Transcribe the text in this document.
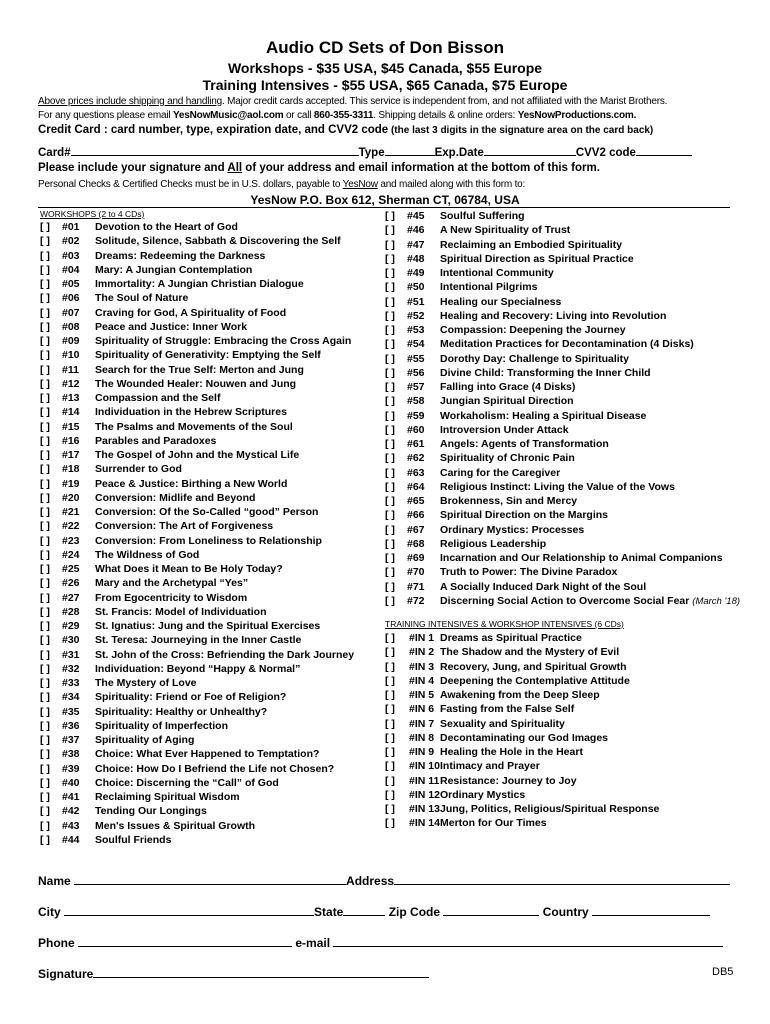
Audio CD Sets of Don Bisson
Workshops - $35 USA, $45 Canada, $55 Europe
Training Intensives - $55 USA, $65 Canada, $75 Europe
Above prices include shipping and handling. Major credit cards accepted. This service is independent from, and not affiliated with the Marist Brothers.
For any questions please email YesNowMusic@aol.com or call 860-355-3311. Shipping details & online orders: YesNowProductions.com.
Credit Card : card number, type, expiration date, and CVV2 code (the last 3 digits in the signature area on the card back)
Card#	Type	Exp.Date	CVV2 code
Please include your signature and All of your address and email information at the bottom of this form.
Personal Checks & Certified Checks must be in U.S. dollars, payable to YesNow and mailed along with this form to:
YesNow P.O. Box 612, Sherman CT, 06784, USA
WORKSHOPS (2 to 4 CDs)
[ ] #01 Devotion to the Heart of God
[ ] #02 Solitude, Silence, Sabbath & Discovering the Self
[ ] #03 Dreams: Redeeming the Darkness
[ ] #04 Mary: A Jungian Contemplation
[ ] #05 Immortality: A Jungian Christian Dialogue
[ ] #06 The Soul of Nature
[ ] #07 Craving for God, A Spirituality of Food
[ ] #08 Peace and Justice: Inner Work
[ ] #09 Spirituality of Struggle: Embracing the Cross Again
[ ] #10 Spirituality of Generativity: Emptying the Self
[ ] #11 Search for the True Self: Merton and Jung
[ ] #12 The Wounded Healer: Nouwen and Jung
[ ] #13 Compassion and the Self
[ ] #14 Individuation in the Hebrew Scriptures
[ ] #15 The Psalms and Movements of the Soul
[ ] #16 Parables and Paradoxes
[ ] #17 The Gospel of John and the Mystical Life
[ ] #18 Surrender to God
[ ] #19 Peace & Justice: Birthing a New World
[ ] #20 Conversion: Midlife and Beyond
[ ] #21 Conversion: Of the So-Called “good” Person
[ ] #22 Conversion: The Art of Forgiveness
[ ] #23 Conversion: From Loneliness to Relationship
[ ] #24 The Wildness of God
[ ] #25 What Does it Mean to Be Holy Today?
[ ] #26 Mary and the Archetypal “Yes”
[ ] #27 From Egocentricity to Wisdom
[ ] #28 St. Francis: Model of Individuation
[ ] #29 St. Ignatius: Jung and the Spiritual Exercises
[ ] #30 St. Teresa: Journeying in the Inner Castle
[ ] #31 St. John of the Cross: Befriending the Dark Journey
[ ] #32 Individuation: Beyond “Happy & Normal”
[ ] #33 The Mystery of Love
[ ] #34 Spirituality: Friend or Foe of Religion?
[ ] #35 Spirituality: Healthy or Unhealthy?
[ ] #36 Spirituality of Imperfection
[ ] #37 Spirituality of Aging
[ ] #38 Choice: What Ever Happened to Temptation?
[ ] #39 Choice: How Do I Befriend the Life not Chosen?
[ ] #40 Choice: Discerning the “Call” of God
[ ] #41 Reclaiming Spiritual Wisdom
[ ] #42 Tending Our Longings
[ ] #43 Men's Issues & Spiritual Growth
[ ] #44 Soulful Friends
[ ] #45 Soulful Suffering
[ ] #46 A New Spirituality of Trust
[ ] #47 Reclaiming an Embodied Spirituality
[ ] #48 Spiritual Direction as Spiritual Practice
[ ] #49 Intentional Community
[ ] #50 Intentional Pilgrims
[ ] #51 Healing our Specialness
[ ] #52 Healing and Recovery: Living into Revolution
[ ] #53 Compassion: Deepening the Journey
[ ] #54 Meditation Practices for Decontamination (4 Disks)
[ ] #55 Dorothy Day: Challenge to Spirituality
[ ] #56 Divine Child: Transforming the Inner Child
[ ] #57 Falling into Grace (4 Disks)
[ ] #58 Jungian Spiritual Direction
[ ] #59 Workaholism: Healing a Spiritual Disease
[ ] #60 Introversion Under Attack
[ ] #61 Angels: Agents of Transformation
[ ] #62 Spirituality of Chronic Pain
[ ] #63 Caring for the Caregiver
[ ] #64 Religious Instinct: Living the Value of the Vows
[ ] #65 Brokenness, Sin and Mercy
[ ] #66 Spiritual Direction on the Margins
[ ] #67 Ordinary Mystics: Processes
[ ] #68 Religious Leadership
[ ] #69 Incarnation and Our Relationship to Animal Companions
[ ] #70 Truth to Power: The Divine Paradox
[ ] #71 A Socially Induced Dark Night of the Soul
[ ] #72 Discerning Social Action to Overcome Social Fear (March '18)
TRAINING INTENSIVES & WORKSHOP INTENSIVES (6 CDs)
[ ] #IN 1 Dreams as Spiritual Practice
[ ] #IN 2 The Shadow and the Mystery of Evil
[ ] #IN 3 Recovery, Jung, and Spiritual Growth
[ ] #IN 4 Deepening the Contemplative Attitude
[ ] #IN 5 Awakening from the Deep Sleep
[ ] #IN 6 Fasting from the False Self
[ ] #IN 7 Sexuality and Spirituality
[ ] #IN 8 Decontaminating our God Images
[ ] #IN 9 Healing the Hole in the Heart
[ ] #IN 10 Intimacy and Prayer
[ ] #IN 11 Resistance: Journey to Joy
[ ] #IN 12 Ordinary Mystics
[ ] #IN 13 Jung, Politics, Religious/Spiritual Response
[ ] #IN 14 Merton for Our Times
Name	Address
City	State	Zip Code	Country
Phone	e-mail
Signature	DB5
